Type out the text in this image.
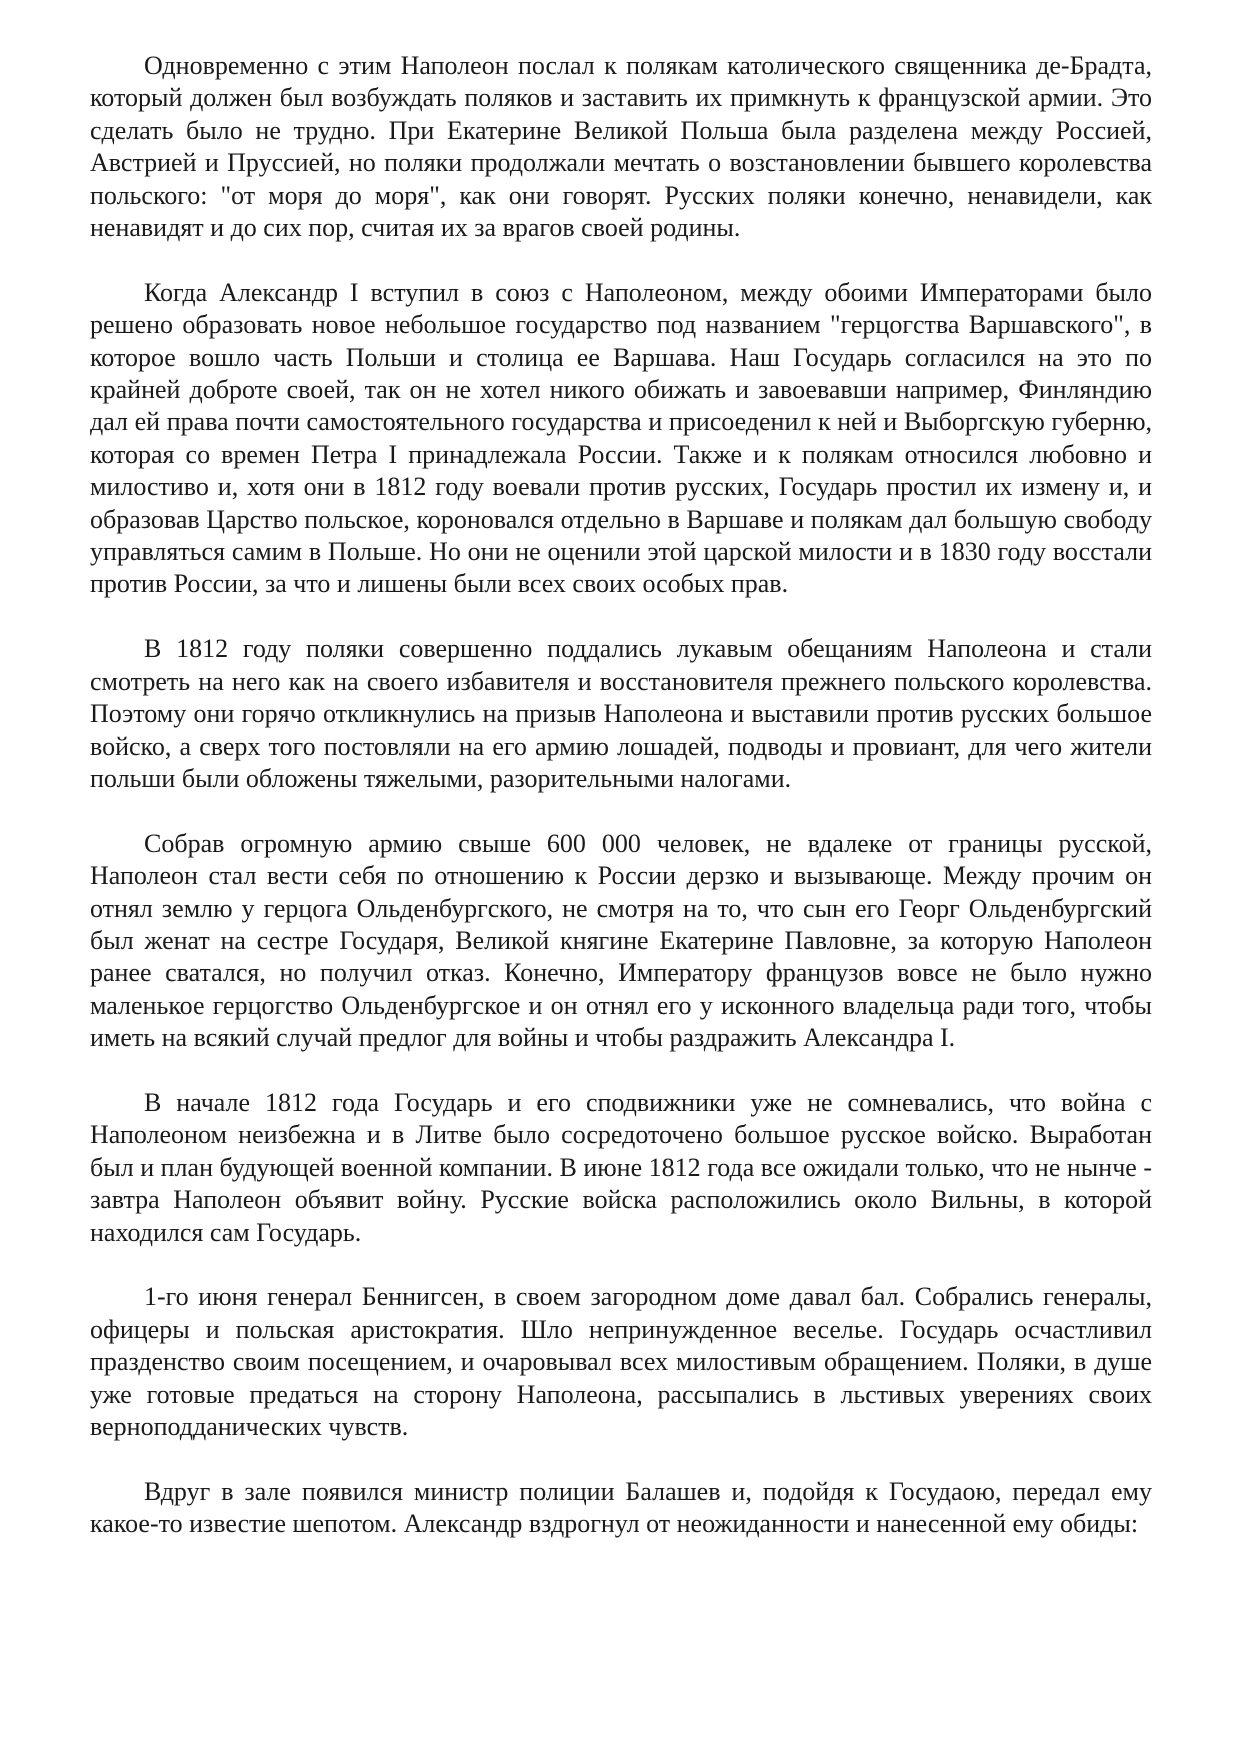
Одновременно с этим Наполеон послал к полякам католического священника де-Брадта, который должен был возбуждать поляков и заставить их примкнуть к французской армии. Это сделать было не трудно. При Екатерине Великой Польша была разделена между Россией, Австрией и Пруссией, но поляки продолжали мечтать о возстановлении бывшего королевства польского: "от моря до моря", как они говорят. Русских поляки конечно, ненавидели, как ненавидят и до сих пор, считая их за врагов своей родины.

Когда Александр I вступил в союз с Наполеоном, между обоими Императорами было решено образовать новое небольшое государство под названием "герцогства Варшавского", в которое вошло часть Польши и столица ее Варшава. Наш Государь согласился на это по крайней доброте своей, так он не хотел никого обижать и завоевавши например, Финляндию дал ей права почти самостоятельного государства и присоеденил к ней и Выборгскую губерню, которая со времен Петра I принадлежала России. Также и к полякам относился любовно и милостиво и, хотя они в 1812 году воевали против русских, Государь простил их измену и, и образовав Царство польское, короновался отдельно в Варшаве и полякам дал большую свободу управляться самим в Польше. Но они не оценили этой царской милости и в 1830 году восстали против России, за что и лишены были всех своих особых прав.

В 1812 году поляки совершенно поддались лукавым обещаниям Наполеона и стали смотреть на него как на своего избавителя и восстановителя прежнего польского королевства. Поэтому они горячо откликнулись на призыв Наполеона и выставили против русских большое войско, а сверх того постовляли на его армию лошадей, подводы и провиант, для чего жители польши были обложены тяжелыми, разорительными налогами.

Собрав огромную армию свыше 600 000 человек, не вдалеке от границы русской, Наполеон стал вести себя по отношению к России дерзко и вызывающе. Между прочим он отнял землю у герцога Ольденбургского, не смотря на то, что сын его Георг Ольденбургский был женат на сестре Государя, Великой княгине Екатерине Павловне, за которую Наполеон ранее сватался, но получил отказ. Конечно, Императору французов вовсе не было нужно маленькое герцогство Ольденбургское и он отнял его у исконного владельца ради того, чтобы иметь на всякий случай предлог для войны и чтобы раздражить Александра I.

В начале 1812 года Государь и его сподвижники уже не сомневались, что война с Наполеоном неизбежна и в Литве было сосредоточено большое русское войско. Выработан был и план будующей военной компании. В июне 1812 года все ожидали только, что не нынче - завтра Наполеон объявит войну. Русские войска расположились около Вильны, в которой находился сам Государь.

1-го июня генерал Беннигсен, в своем загородном доме давал бал. Собрались генералы, офицеры и польская аристократия. Шло непринужденное веселье. Государь осчастливил празденство своим посещением, и очаровывал всех милостивым обращением. Поляки, в душе уже готовые предаться на сторону Наполеона, рассыпались в льстивых уверениях своих верноподданических чувств.

Вдруг в зале появился министр полиции Балашев и, подойдя к Госудаою, передал ему какое-то известие шепотом. Александр вздрогнул от неожиданности и нанесенной ему обиды:
